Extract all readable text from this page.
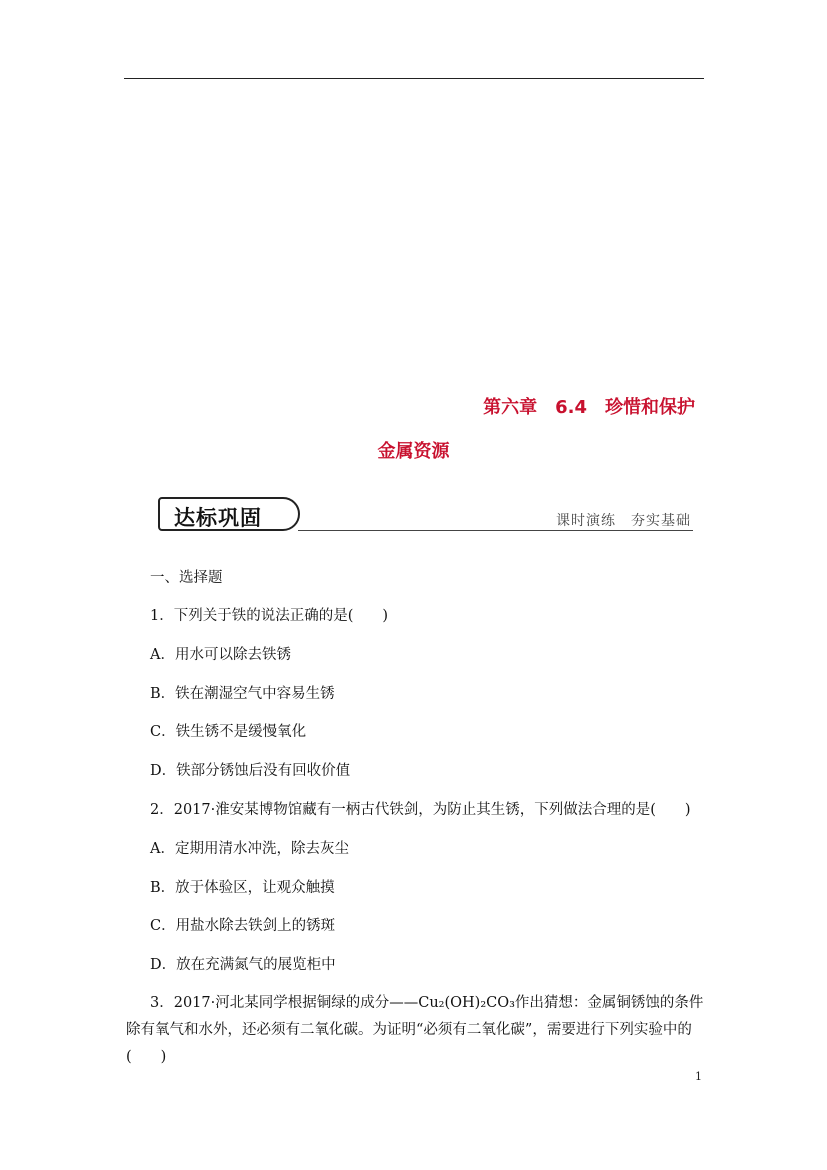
第六章　6.4　珍惜和保护
金属资源
达标巩固	课时演练　夯实基础
一、选择题
1．下列关于铁的说法正确的是(　　)
A．用水可以除去铁锈
B．铁在潮湿空气中容易生锈
C．铁生锈不是缓慢氧化
D．铁部分锈蚀后没有回收价值
2．2017·淮安某博物馆藏有一柄古代铁剑，为防止其生锈，下列做法合理的是(　　)
A．定期用清水冲洗，除去灰尘
B．放于体验区，让观众触摸
C．用盐水除去铁剑上的锈斑
D．放在充满氮气的展览柜中
3．2017·河北某同学根据铜绿的成分——Cu₂(OH)₂CO₃作出猜想：金属铜锈蚀的条件除有氧气和水外，还必须有二氧化碳。为证明“必须有二氧化碳”，需要进行下列实验中的(　　)
1
